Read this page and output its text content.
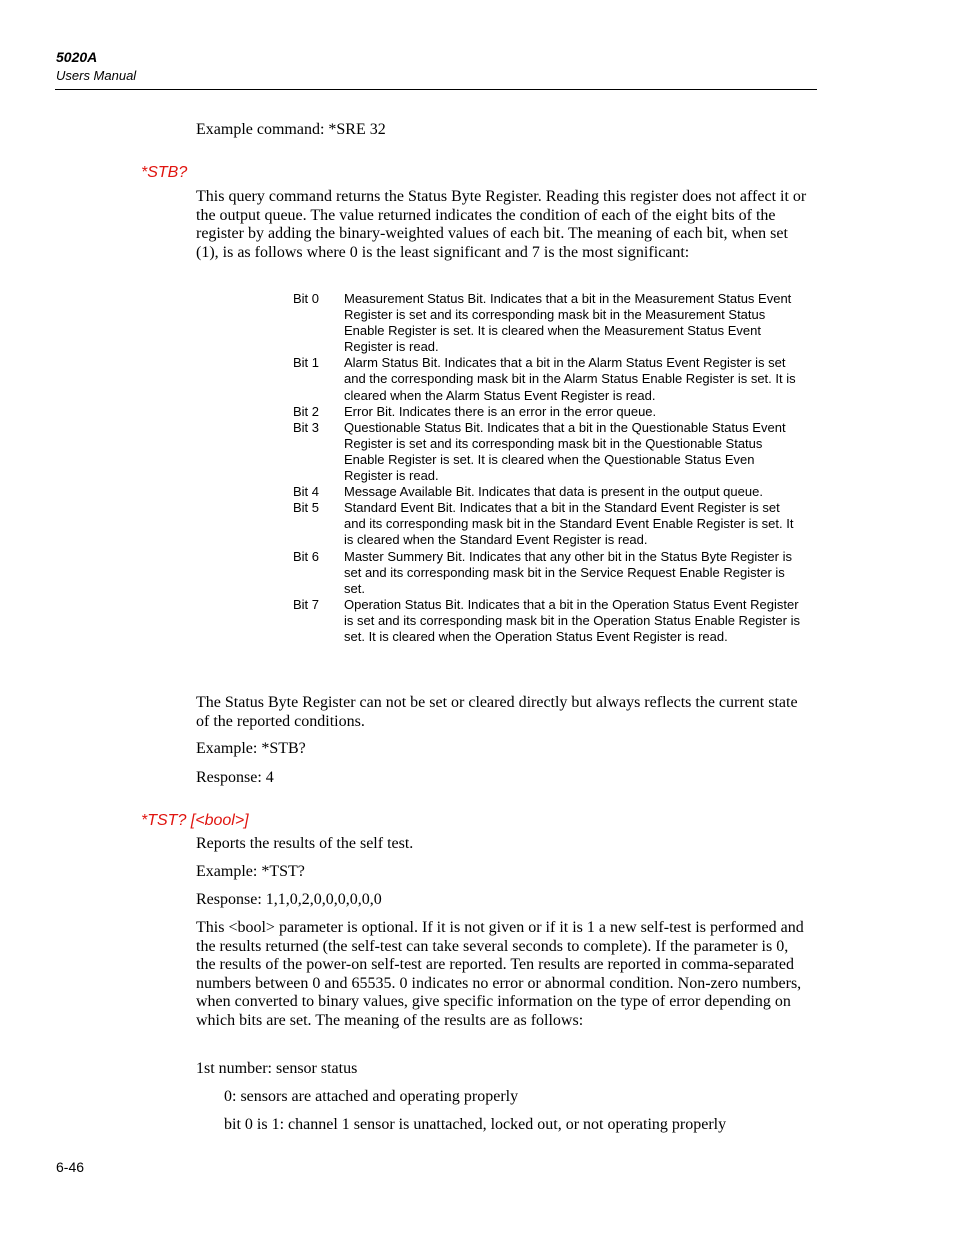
5020A
Users Manual

Example command: *SRE 32

*STB?

This query command returns the Status Byte Register. Reading this register does not affect it or the output queue. The value returned indicates the condition of each of the eight bits of the register by adding the binary-weighted values of each bit. The meaning of each bit, when set (1), is as follows where 0 is the least significant and 7 is the most significant:

Bit 0	Measurement Status Bit. Indicates that a bit in the Measurement Status Event Register is set and its corresponding mask bit in the Measurement Status Enable Register is set. It is cleared when the Measurement Status Event Register is read.
Bit 1	Alarm Status Bit. Indicates that a bit in the Alarm Status Event Register is set and the corresponding mask bit in the Alarm Status Enable Register is set. It is cleared when the Alarm Status Event Register is read.
Bit 2	Error Bit. Indicates there is an error in the error queue.
Bit 3	Questionable Status Bit. Indicates that a bit in the Questionable Status Event Register is set and its corresponding mask bit in the Questionable Status Enable Register is set. It is cleared when the Questionable Status Even Register is read.
Bit 4	Message Available Bit. Indicates that data is present in the output queue.
Bit 5	Standard Event Bit. Indicates that a bit in the Standard Event Register is set and its corresponding mask bit in the Standard Event Enable Register is set. It is cleared when the Standard Event Register is read.
Bit 6	Master Summery Bit. Indicates that any other bit in the Status Byte Register is set and its corresponding mask bit in the Service Request Enable Register is set.
Bit 7	Operation Status Bit. Indicates that a bit in the Operation Status Event Register is set and its corresponding mask bit in the Operation Status Enable Register is set. It is cleared when the Operation Status Event Register is read.

The Status Byte Register can not be set or cleared directly but always reflects the current state of the reported conditions.

Example: *STB?

Response: 4

*TST? [<bool>]

Reports the results of the self test.

Example: *TST?

Response: 1,1,0,2,0,0,0,0,0,0

This <bool> parameter is optional. If it is not given or if it is 1 a new self-test is performed and the results returned (the self-test can take several seconds to complete). If the parameter is 0, the results of the power-on self-test are reported. Ten results are reported in comma-separated numbers between 0 and 65535. 0 indicates no error or abnormal condition. Non-zero numbers, when converted to binary values, give specific information on the type of error depending on which bits are set. The meaning of the results are as follows:

1st number: sensor status

0: sensors are attached and operating properly

bit 0 is 1: channel 1 sensor is unattached, locked out, or not operating properly

6-46
